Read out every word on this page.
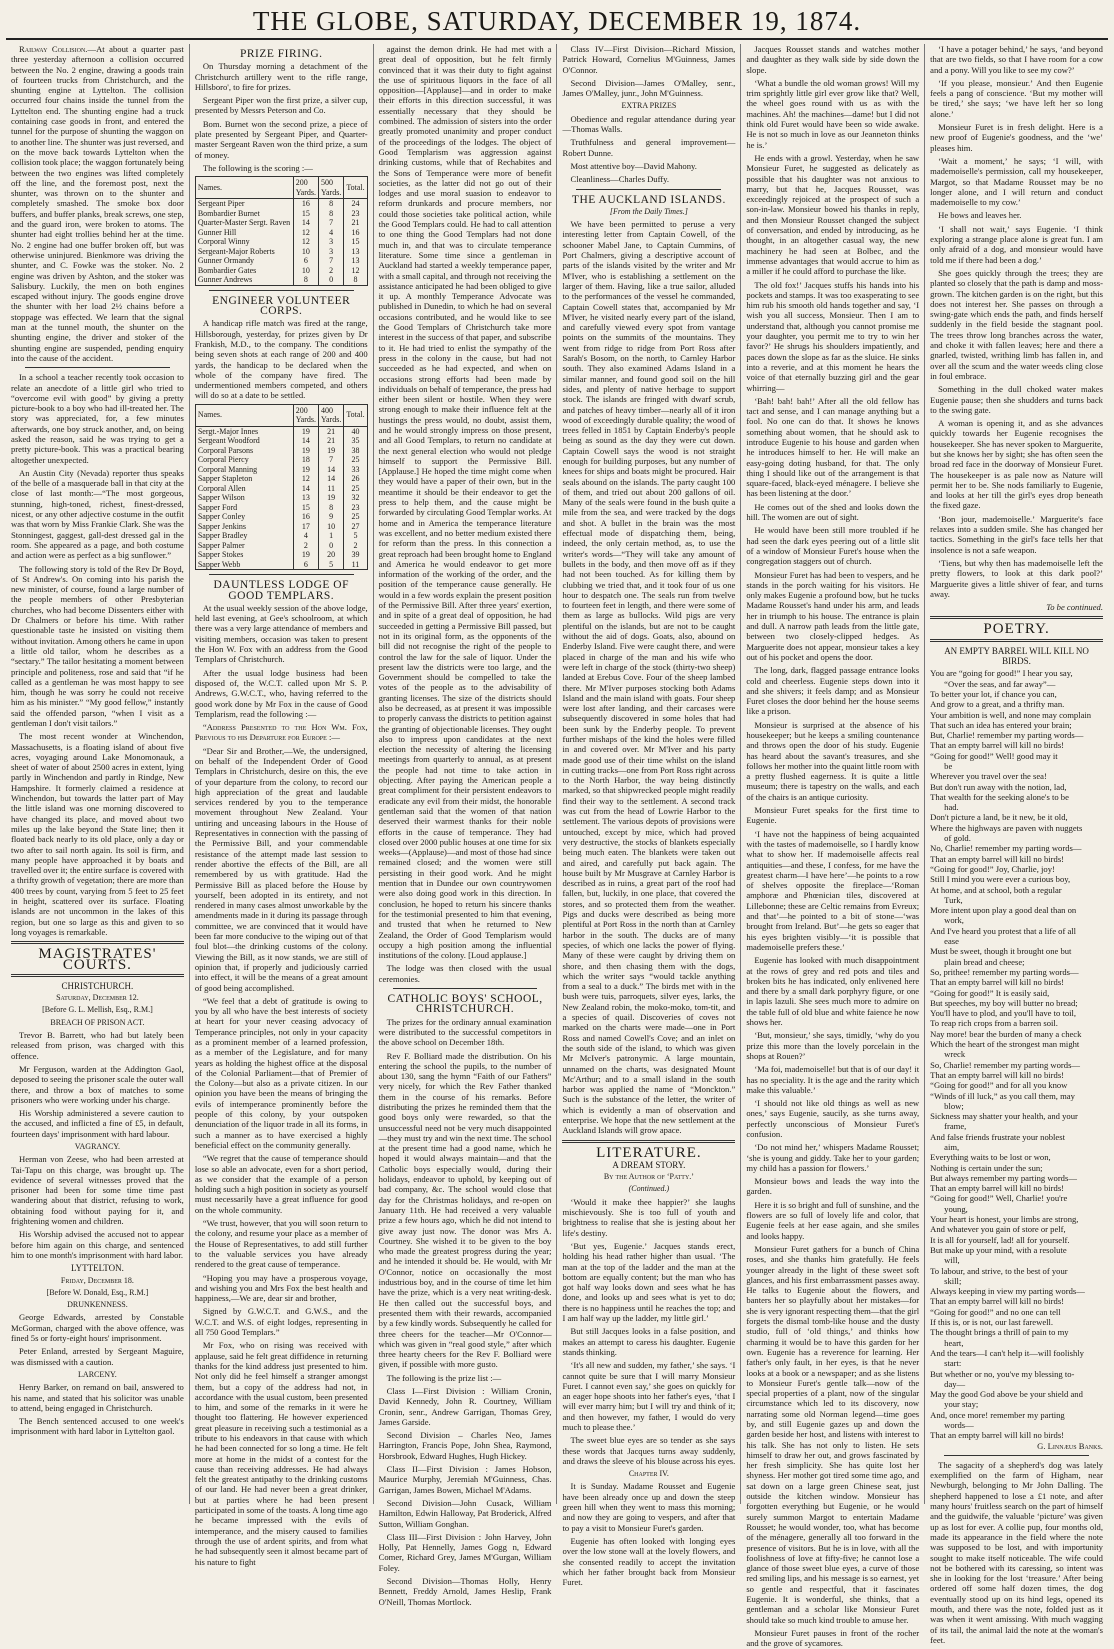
THE GLOBE, SATURDAY, DECEMBER 19, 1874.

Railway Collision.—At about a quarter past three yesterday afternoon a collision occurred between the No. 2 engine, drawing a goods train of fourteen trucks from Christchurch, and the shunting engine at Lyttelton. The collision occurred four chains inside the tunnel from the Lyttelton end. The shunting engine had a truck containing case goods in front, and entered the tunnel for the purpose of shunting the waggon on to another line. The shunter was just reversed, and on the move back towards Lyttelton when the collision took place; the waggon fortunately being between the two engines was lifted completely off the line, and the foremost post, next the shunter, was thrown on to the shunter and completely smashed. The smoke box door buffers, and buffer planks, break screws, one step, and the guard iron, were broken to atoms. The shunter had eight trollies behind her at the time. No. 2 engine had one buffer broken off, but was otherwise uninjured. Bienkmore was driving the shunter, and C. Fowke was the stoker. No. 2 engine was driven by Ashton, and the stoker was Salisbury. Luckily, the men on both engines escaped without injury. The goods engine drove the shunter with her load 2½ chains before a stoppage was effected. We learn that the signal man at the tunnel mouth, the shunter on the shunting engine, the driver and stoker of the shunting engine are suspended, pending enquiry into the cause of the accident.

In a school a teacher recently took occasion to relate an anecdote of a little girl who tried to “overcome evil with good” by giving a pretty picture-book to a boy who had ill-treated her. The story was appreciated, for, a few minutes afterwards, one boy struck another, and, on being asked the reason, said he was trying to get a pretty picture-book. This was a practical bearing altogether unexpected.

An Austin City (Nevada) reporter thus speaks of the belle of a masquerade ball in that city at the close of last month:—“The most gorgeous, stunning, high-toned, richest, finest-dressed, nicest, or any other adjective costume in the outfit was that worn by Miss Frankie Clark. She was the Stonningest, gaggest, gall-dest dressed gal in the room. She appeared as a page, and both costume and action were as perfect as a big sunflower.”

The following story is told of the Rev Dr Boyd, of St Andrew's. On coming into his parish the new minister, of course, found a large number of the people members of other Presbyterian churches, who had become Dissenters either with Dr Chalmers or before his time. With rather questionable taste he insisted on visiting them without invitation. Among others he came in upon a little old tailor, whom he describes as a “sectary.” The tailor hesitating a moment between principle and politeness, rose and said that “if he called as a gentleman he was most happy to see him, though he was sorry he could not receive him as his minister.” “My good fellow,” instantly said the offended parson, “when I visit as a gentleman I don't visit tailors.”

The most recent wonder at Winchendon, Massachusetts, is a floating island of about five acres, voyaging around Lake Monomonauk, a sheet of water of about 2500 acres in extent, lying partly in Winchendon and partly in Rindge, New Hampshire. It formerly claimed a residence at Winchendon, but towards the latter part of May the little island was one morning discovered to have changed its place, and moved about two miles up the lake beyond the State line; then it floated back nearly to its old place, only a day or two after to sail north again. Its soil is firm, and many people have approached it by boats and travelled over it; the entire surface is covered with a thrifty growth of vegetation; there are more than 400 trees by count, varying from 5 feet to 25 feet in height, scattered over its surface. Floating islands are not uncommon in the lakes of this region, but one so large as this and given to so long voyages is remarkable.

MAGISTRATES' COURTS.
CHRISTCHURCH.
Saturday, December 12.
[Before G. L. Mellish, Esq., R.M.]
BREACH OF PRISON ACT.

Trevor B. Barrett, who had but lately been released from prison, was charged with this offence.

Mr Ferguson, warden at the Addington Gaol, deposed to seeing the prisoner scale the outer wall there, and throw a box of matches to some prisoners who were working under his charge.

His Worship administered a severe caution to the accused, and inflicted a fine of £5, in default, fourteen days' imprisonment with hard labour.

VAGRANCY.

Herman von Zeese, who had been arrested at Tai-Tapu on this charge, was brought up. The evidence of several witnesses proved that the prisoner had been for some time time past wandering about that district, refusing to work, obtaining food without paying for it, and frightening women and children.

His Worship advised the accused not to appear before him again on this charge, and sentenced him to one month's imprisonment with hard labor.

LYTTELTON.
Friday, December 18.
[Before W. Donald, Esq., R.M.]
DRUNKENNESS.

George Edwards, arrested by Constable McGorman, charged with the above offence, was fined 5s or forty-eight hours' imprisonment.

Peter Enland, arrested by Sergeant Maguire, was dismissed with a caution.

LARCENY.

Henry Barker, on remand on bail, answered to his name, and stated that his solicitor was unable to attend, being engaged in Christchurch.

The Bench sentenced accused to one week's imprisonment with hard labor in Lyttelton gaol.

PRIZE FIRING.

On Thursday morning a detachment of the Christchurch artillery went to the rifle range, Hillsboro', to fire for prizes.

Sergeant Piper won the first prize, a silver cup, presented by Messrs Peterson and Co.

Bom. Burnet won the second prize, a piece of plate presented by Sergeant Piper, and Quarter-master Sergeant Raven won the third prize, a sum of money.

The following is the scoring :—

Names.	200 Yards.	500 Yards.	Total.
Sergeant Piper	16	8	24
Bombardier Burnet	15	8	23
Quarter-Master Sergt. Raven	14	7	21
Gunner Hill	12	4	16
Corporal Winny	12	3	15
Sergeant-Major Roberts	10	3	13
Gunner Ormandy	6	7	13
Bombardier Gates	10	2	12
Gunner Andrews	8	0	8
ENGINEER VOLUNTEER CORPS.

A handicap rifle match was fired at the range, Hillsborough, yesterday, for prizes given by Dr Frankish, M.D., to the company. The conditions being seven shots at each range of 200 and 400 yards, the handicap to be declared when the whole of the company have fired. The undermentioned members competed, and others will do so at a date to be settled.

Names.	200 Yards.	400 Yards.	Total.
Sergt.-Major Innes	19	21	40
Sergeant Woodford	14	21	35
Corporal Parsons	19	19	38
Corporal Piercy	18	7	25
Corporal Manning	19	14	33
Sapper Stapleton	12	14	26
Corporal Allen	14	11	25
Sapper Wilson	13	19	32
Sapper Ford	15	8	23
Sapper Conley	16	9	25
Sapper Jenkins	17	10	27
Sapper Bradley	4	1	5
Sapper Palmer	2	0	2
Sapper Stokes	19	20	39
Sapper Webb	6	5	11
DAUNTLESS LODGE OF GOOD TEMPLARS.

At the usual weekly session of the above lodge, held last evening, at Gee's schoolroom, at which there was a very large attendance of members and visiting members, occasion was taken to present the Hon W. Fox with an address from the Good Templars of Christchurch.

After the usual lodge business had been disposed of, the W.C.T. called upon Mr S. P. Andrews, G.W.C.T., who, having referred to the good work done by Mr Fox in the cause of Good Templarism, read the following :—

“Address Presented to the Hon Wm. Fox, Previous to his Departure for Europe :—

“Dear Sir and Brother,—We, the undersigned, on behalf of the Independent Order of Good Templars in Christchurch, desire on this, the eve of your departure from the colony, to record our high appreciation of the great and laudable services rendered by you to the temperance movement throughout New Zealand. Your untiring and unceasing labours in the House of Representatives in connection with the passing of the Permissive Bill, and your commendable resistance of the attempt made last session to render abortive the effects of the Bill, are all remembered by us with gratitude. Had the Permissive Bill as placed before the House by yourself, been adopted in its entirety, and not rendered in many cases almost unworkable by the amendments made in it during its passage through committee, we are convinced that it would have been far more conducive to the wiping out of that foul blot—the drinking customs of the colony. Viewing the Bill, as it now stands, we are still of opinion that, if properly and judiciously carried into effect, it will be the means of a great amount of good being accomplished.

“We feel that a debt of gratitude is owing to you by all who have the best interests of society at heart for your never ceasing advocacy of Temperance principles, not only in your capacity as a prominent member of a learned profession, as a member of the Legislature, and for many years as holding the highest office at the disposal of the Colonial Parliament—that of Premier of the Colony—but also as a private citizen. In our opinion you have been the means of bringing the evils of intemperance prominently before the people of this colony, by your outspoken denunciation of the liquor trade in all its forms, in such a manner as to have exercised a highly beneficial effect on the community generally.

“We regret that the cause of temperance should lose so able an advocate, even for a short period, as we consider that the example of a person holding such a high position in society as yourself must necessarily have a great influence for good on the whole community.

“We trust, however, that you will soon return to the colony, and resume your place as a member of the House of Representatives, to add still further to the valuable services you have already rendered to the great cause of temperance.

“Hoping you may have a prosperous voyage, and wishing you and Mrs Fox the best health and happiness,—We are, dear sir and brother,

Signed by G.W.C.T. and G.W.S., and the W.C.T. and W.S. of eight lodges, representing in all 750 Good Templars.”

Mr Fox, who on rising was received with applause, said he felt great diffidence in returning thanks for the kind address just presented to him. Not only did he feel himself a stranger amongst them, but a copy of the address had not, in accordance with the usual custom, been presented to him, and some of the remarks in it were he thought too flattering. He however experienced great pleasure in receiving such a testimonial as a tribute to his endeavors in that cause with which he had been connected for so long a time. He felt more at home in the midst of a contest for the cause than receiving addresses. He had always felt the greatest antipathy to the drinking customs of our land. He had never been a great drinker, but at parties where he had been present participated in some of the toasts. A long time ago he became impressed with the evils of intemperance, and the misery caused to families through the use of ardent spirits, and from what he had subsequently seen it almost became part of his nature to fight

against the demon drink. He had met with a great deal of opposition, but he felt firmly convinced that it was their duty to fight against the use of spirituous liquors in the face of all opposition—[Applause]—and in order to make their efforts in this direction successful, it was essentially necessary that they should be combined. The admission of sisters into the order greatly promoted unanimity and proper conduct of the proceedings of the lodges. The object of Good Templarism was aggression against drinking customs, while that of Rechabites and the Sons of Temperance were more of benefit societies, as the latter did not go out of their lodges and use moral suasion to endeavor to reform drunkards and procure members, nor could those societies take political action, while the Good Templars could. He had to call attention to one thing the Good Templars had not done much in, and that was to circulate temperance literature. Some time since a gentleman in Auckland had started a weekly temperance paper, with a small capital, and through not receiving the assistance anticipated he had been obliged to give it up. A monthly Temperance Advocate was published in Dunedin, to which he had on several occasions contributed, and he would like to see the Good Templars of Christchurch take more interest in the success of that paper, and subscribe to it. He had tried to enlist the sympathy of the press in the colony in the cause, but had not succeeded as he had expected, and when on occasions strong efforts had been made by individuals on behalf of temperance, the press had either been silent or hostile. When they were strong enough to make their influence felt at the hustings the press would, no doubt, assist them, and he would strongly impress on those present, and all Good Templars, to return no candidate at the next general election who would not pledge himself to support the Permissive Bill. [Applause.] He hoped the time might come when they would have a paper of their own, but in the meantime it should be their endeavor to get the press to help them, and the cause might be forwarded by circulating Good Templar works. At home and in America the temperance literature was excellent, and no better medium existed there for reform than the press. In this connection a great reproach had been brought home to England and America he would endeavor to get more information of the working of the order, and the position of the temperance cause generally. He would in a few words explain the present position of the Permissive Bill. After three years' exertion, and in spite of a great deal of opposition, he had succeeded in getting a Permissive Bill passed, but not in its original form, as the opponents of the bill did not recognise the right of the people to control the law for the sale of liquor. Under the present law the districts were too large, and the Government should be compelled to take the votes of the people as to the advisability of granting licenses. The size of the districts should also be decreased, as at present it was impossible to properly canvass the districts to petition against the granting of objectionable licenses. They ought also to impress upon candidates at the next election the necessity of altering the licensing meetings from quarterly to annual, as at present the people had not time to take action in objecting. After paying the American people a great compliment for their persistent endeavors to eradicate any evil from their midst, the honorable gentleman said that the women of that nation deserved their warmest thanks for their noble efforts in the cause of temperance. They had closed over 2000 public houses at one time for six weeks—(Applause)—and most of those had since remained closed; and the women were still persisting in their good work. And he might mention that in Dundee our own countrywomen were also doing good work in this direction. In conclusion, he hoped to return his sincere thanks for the testimonial presented to him that evening, and trusted that when he returned to New Zealand, the Order of Good Templarism would occupy a high position among the influential institutions of the colony. [Loud applause.]

The lodge was then closed with the usual ceremonies.

CATHOLIC BOYS' SCHOOL, CHRISTCHURCH.

The prizes for the ordinary annual examination were distributed to the successful competitors in the above school on December 18th.

Rev F. Bolliard made the distribution. On his entering the school the pupils, to the number of about 130, sang the hymn “Faith of our Fathers” very nicely, for which the Rev Father thanked them in the course of his remarks. Before distributing the prizes he reminded them that the good boys only were rewarded, so that the unsuccessful need not be very much disappointed—they must try and win the next time. The school at the present time had a good name, which he hoped it would always maintain—and that the Catholic boys especially would, during their holidays, endeavor to uphold, by keeping out of bad company, &c. The school would close that day for the Christmas holidays, and re-open on January 11th. He had received a very valuable prize a few hours ago, which he did not intend to give away just now. The donor was Mrs A. Courtney. She wished it to be given to the boy who made the greatest progress during the year; and he intended it should be. He would, with Mr O'Connor, notice on occasionally the most industrious boy, and in the course of time let him have the prize, which is a very neat writing-desk. He then called out the successful boys, and presented them with their rewards, accompanied by a few kindly words. Subsequently he called for three cheers for the teacher—Mr O'Connor—which was given in “real good style,” after which three hearty cheers for the Rev F. Bolliard were given, if possible with more gusto.

The following is the prize list :—

Class I—First Division : William Cronin, David Kennedy, John R. Courtney, William Cronin, senr., Andrew Garrigan, Thomas Grey, James Garside.

Second Division – Charles Neo, James Harrington, Francis Pope, John Shea, Raymond, Horsbrook, Edward Hughes, Hugh Hickey.

Class II—First Division : James Hobson, Maurice Murphy, Jeremiah M'Guinness, Chas. Garrigan, James Bowen, Michael M'Adams.

Second Division—John Cusack, William Hamilton, Edwin Halloway, Pat Broderick, Alfred Sutton, William Gonghan.

Class III—First Division : John Harvey, John Holly, Pat Hennelly, James Gogg n, Edward Comer, Richard Grey, James M'Gurgan, William Foley.

Second Division—Thomas Holly, Henry Bennett, Freddy Arnold, James Heslip, Frank O'Neill, Thomas Mortlock.

Class IV—First Division—Richard Mission, Patrick Howard, Cornelius M'Guinness, James O'Connor.

Second Division—James O'Malley, senr., James O'Malley, junr., John M'Guinness.

EXTRA PRIZES

Obedience and regular attendance during year—Thomas Walls.

Truthfulness and general improvement—Robert Dunne.

Most attentive boy—David Mahony.

Cleanliness—Charles Duffy.

THE AUCKLAND ISLANDS.
[From the Daily Times.]

We have been permitted to peruse a very interesting letter from Captain Cowell, of the schooner Mabel Jane, to Captain Cummins, of Port Chalmers, giving a descriptive account of parts of the islands visited by the writer and Mr M'Iver, who is establishing a settlement on the larger of them. Having, like a true sailor, alluded to the performances of the vessel he commanded, Captain Cowell states that, accompanied by Mr M'Iver, he visited nearly every part of the island, and carefully viewed every spot from vantage points on the summits of the mountains. They went from ridge to ridge from Port Ross after Sarah's Bosom, on the north, to Carnley Harbor south. They also examined Adams Island in a similar manner, and found good soil on the hill sides, and plenty of native herbage to support stock. The islands are fringed with dwarf scrub, and patches of heavy timber—nearly all of it iron wood of exceedingly durable quality; the wood of trees felled in 1851 by Captain Enderby's people being as sound as the day they were cut down. Captain Cowell says the wood is not straight enough for building purposes, but any number of knees for ships and boats might be procured. Hair seals abound on the islands. The party caught 100 of them, and tried out about 200 gallons of oil. Many of the seals were found in the bush quite a mile from the sea, and were tracked by the dogs and shot. A bullet in the brain was the most effectual mode of dispatching them, being, indeed, the only certain method, as, to use the writer's words—“They will take any amount of bullets in the body, and then move off as if they had not been touched. As for killing them by clubbing we tried that, and it took four of us one hour to despatch one. The seals run from twelve to fourteen feet in length, and there were some of them as large as bullocks. Wild pigs are very plentiful on the islands, but are not to be caught without the aid of dogs. Goats, also, abound on Enderby Island. Five were caught there, and were placed in charge of the man and his wife who were left in charge of the stock (thirty-two sheep) landed at Erebus Cove. Four of the sheep lambed there. Mr M'Iver purposes stocking both Adams Island and the main island with goats. Four sheep were lost after landing, and their carcases were subsequently discovered in some holes that had been sunk by the Enderby people. To prevent further mishaps of the kind the holes were filled in and covered over. Mr M'Iver and his party made good use of their time whilst on the island in cutting tracks—one from Port Ross right across to the North Harbor, the way being distinctly marked, so that shipwrecked people might readily find their way to the settlement. A second track was cut from the head of Lowrie Harbor to the settlement. The various depots of provisions were untouched, except by mice, which had proved very destructive, the stocks of blankets especially being much eaten. The blankets were taken out and aired, and carefully put back again. The house built by Mr Musgrave at Carnley Harbor is described as in ruins, a great part of the roof had fallen, but, luckily, in one place, that covered the stores, and so protected them from the weather. Pigs and ducks were described as being more plentiful at Port Ross in the north than at Carnley harbor in the south. The ducks are of many species, of which one lacks the power of flying. Many of these were caught by driving them on shore, and then chasing them with the dogs, which the writer says “would tackle anything from a seal to a duck.” The birds met with in the bush were tuis, parroquets, silver eyes, larks, the New Zealand robin, the moko-moko, tom-tit, and a species of quail. Discoveries of coves not marked on the charts were made—one in Port Ross and named Cowell's Cove; and an inlet on the south side of the island, to which was given Mr McIver's patronymic. A large mountain, unnamed on the charts, was designated Mount Mc'Arthur; and to a small island in the south harbor was applied the name of “Monckton.” Such is the substance of the letter, the writer of which is evidently a man of observation and enterprise. We hope that the new settlement at the Auckland Islands will grow apace.

LITERATURE.
A DREAM STORY.
By the Author of ‘Patty.’
(Continued.)

‘Would it make thee happier?’ she laughs mischievously. She is too full of youth and brightness to realise that she is jesting about her life's destiny.

‘But yes, Eugenie.’ Jacques stands erect, holding his head rather higher than usual. ‘The man at the top of the ladder and the man at the bottom are equally content; but the man who has got half way looks down and sees what he has done, and looks up and sees what is yet to do; there is no happiness until he reaches the top; and I am half way up the ladder, my little girl.’

But still Jacques looks in a false position, and makes an attempt to caress his daughter. Eugenie stands thinking.

‘It's all new and sudden, my father,’ she says. ‘I cannot quite be sure that I will marry Monsieur Furet. I cannot even say,’ she goes on quickly for an eager hope shoots into her father's eyes, ‘that I will ever marry him; but I will try and think of it; and then however, my father, I would do very much to please thee.’

The sweet blue eyes are so tender as she says these words that Jacques turns away suddenly, and draws the sleeve of his blouse across his eyes.

Chapter IV.

It is Sunday. Madame Rousset and Eugenie have been already once up and down the steep green hill when they went to mass this morning; and now they are going to vespers, and after that to pay a visit to Monsieur Furet's garden.

Eugenie has often looked with longing eyes over the low stone wall at the lovely flowers, and she consented readily to accept the invitation which her father brought back from Monsieur Furet.

Jacques Rousset stands and watches mother and daughter as they walk side by side down the slope.

‘What a bundle the old woman grows! Will my trim sprightly little girl ever grow like that? Well, the wheel goes round with us as with the machines. Ah! the machines—dame! but I did not think old Furet would have been so wide awake. He is not so much in love as our Jeanneton thinks he is.’

He ends with a growl. Yesterday, when he saw Monsieur Furet, he suggested as delicately as possible that his daughter was not anxious to marry, but that he, Jacques Rousset, was exceedingly rejoiced at the prospect of such a son-in-law. Monsieur bowed his thanks in reply, and then Monsieur Rousset changed the subject of conversation, and ended by introducing, as he thought, in an altogether casual way, the new machinery he had seen at Bolbec, and the immense advantages that would accrue to him as a miller if he could afford to purchase the like.

The old fox!’ Jacques stuffs his hands into his pockets and stamps. It was too exasperating to see him rub his smooth old hands together and say, ‘I wish you all success, Monsieur. Then I am to understand that, although you cannot promise me your daughter, you permit me to try to win her favor?’ He shrugs his shoulders impatiently, and paces down the slope as far as the sluice. He sinks into a reverie, and at this moment he hears the voice of that eternally buzzing girl and the gear whirring—

‘Bah! bah! bah!’ After all the old fellow has tact and sense, and I can manage anything but a fool. No one can do that. It shows he knows something about women, that he should ask to introduce Eugenie to his house and garden when he introduces himself to her. He will make an easy-going doting husband, for that. The only thing I should like out of the arrangement is that square-faced, black-eyed ménagere. I believe she has been listening at the door.’

He comes out of the shed and looks down the hill. The women are out of sight.

He would have been still more troubled if he had seen the dark eyes peering out of a little slit of a window of Monsieur Furet's house when the congregation staggers out of church.

Monsieur Furet has had been to vespers, and he stands in the porch waiting for his visitors. He only makes Eugenie a profound bow, but he tucks Madame Rousset's hand under his arm, and leads her in triumph to his house. The entrance is plain and dull. A narrow path leads from the little gate, between two closely-clipped hedges. As Marguerite does not appear, monsieur takes a key out of his pocket and opens the door.

The long, dark, flagged passage entrance looks cold and cheerless. Eugenie steps down into it and she shivers; it feels damp; and as Monsieur Furet closes the door behind her the house seems like a prison.

Monsieur is surprised at the absence of his housekeeper; but he keeps a smiling countenance and throws open the door of his study. Eugenie has heard about the savant's treasures, and she follows her mother into the quaint little room with a pretty flushed eagerness. It is quite a little museum; there is tapestry on the walls, and each of the chairs is an antique curiosity.

Monsieur Furet speaks for the first time to Eugenie.

‘I have not the happiness of being acquainted with the tastes of mademoiselle, so I hardly know what to show her. If mademoiselle affects real antiquities—and these, I confess, for me have the greatest charm—I have here’—he points to a row of shelves opposite the fireplace—‘Roman amphoræ and Phœnician tiles, discovered at Lillebonne; these are Celtic remains from Evreux; and that’—he pointed to a bit of stone—‘was brought from Ireland. But’—he gets so eager that his eyes brighten visibly—‘it is possible that mademoiselle prefers these.’

Eugenie has looked with much disappointment at the rows of grey and red pots and tiles and broken bits he has indicated, only enlivened here and there by a small dark porphyry figure, or one in lapis lazuli. She sees much more to admire on the table full of old blue and white faience he now shows her.

‘But, monsieur,’ she says, timidly, ‘why do you prize this more than the lovely porcelain in the shops at Rouen?’

‘Ma foi, mademoiselle! but that is of our day! it has no speciality. It is the age and the rarity which make this valuable.’

‘I should not like old things as well as new ones,’ says Eugenie, saucily, as she turns away, perfectly unconscious of Monsieur Furet's confusion.

‘Do not mind her,’ whispers Madame Rousset; ‘she is young and giddy. Take her to your garden; my child has a passion for flowers.’

Monsieur bows and leads the way into the garden.

Here it is so bright and full of sunshine, and the flowers are so full of lovely life and color, that Eugenie feels at her ease again, and she smiles and looks happy.

Monsieur Furet gathers for a bunch of China roses, and she thanks him gratefully. He feels younger already in the light of these sweet soft glances, and his first embarrassment passes away. He talks to Eugenie about the flowers, and banters her so playfully about her mistakes—for she is very ignorant respecting them—that the girl forgets the dismal tomb-like house and the dusty studio, full of ‘old things,’ and thinks how charming it would be to have this garden for her own. Eugenie has a reverence for learning. Her father's only fault, in her eyes, is that he never looks at a book or a newspaper; and as she listens to Monsieur Furet's gentle talk—now of the special properties of a plant, now of the singular circumstance which led to its discovery, now narrating some old Norman legend—time goes by, and still Eugenie gazes up and down the garden beside her host, and listens with interest to his talk. She has not only to listen. He sets himself to draw her out, and grows fascinated by her fresh simplicity. She has quite lost her shyness. Her mother got tired some time ago, and sat down on a large green Chinese seat, just outside the kitchen window. Monsieur has forgotten everything but Eugenie, or he would surely summon Margot to entertain Madame Rousset; he would wonder, too, what has become of the ménagere, generally all too forward in the presence of visitors. But he is in love, with all the foolishness of love at fifty-five; he cannot lose a glance of those sweet blue eyes, a curve of those red smiling lips, and his message is so earnest, yet so gentle and respectful, that it fascinates Eugenie. It is wonderful, she thinks, that a gentleman and a scholar like Monsieur Furet should take so much kind trouble to amuse her.

Monsieur Furet pauses in front of the rocher and the grove of sycamores.

‘I have a potager behind,’ he says, ‘and beyond that are two fields, so that I have room for a cow and a pony. Will you like to see my cow?’

‘If you please, monsieur.’ And then Eugenie feels a pang of conscience. ‘But my mother will be tired,’ she says; ‘we have left her so long alone.’

Monsieur Furet is in fresh delight. Here is a new proof of Eugenie's goodness, and the ‘we’ pleases him.

‘Wait a moment,’ he says; ‘I will, with mademoiselle's permission, call my housekeeper, Margot, so that Madame Rousset may be no longer alone, and I will return and conduct mademoiselle to my cow.’

He bows and leaves her.

‘I shall not wait,’ says Eugenie. ‘I think exploring a strange place alone is great fun. I am only afraid of a dog, and monsieur would have told me if there had been a dog.’

She goes quickly through the trees; they are planted so closely that the path is damp and moss-grown. The kitchen garden is on the right, but this does not interest her. She passes on through a swing-gate which ends the path, and finds herself suddenly in the field beside the stagnant pool. The trees throw long branches across the water, and choke it with fallen leaves; here and there a gnarled, twisted, writhing limb has fallen in, and over all the scum and the water weeds cling close in foul embrace.

Something in the dull choked water makes Eugenie pause; then she shudders and turns back to the swing gate.

A woman is opening it, and as she advances quickly towards her Eugenie recognises the housekeeper. She has never spoken to Marguerite, but she knows her by sight; she has often seen the broad red face in the doorway of Monsieur Furet. The housekeeper is as pale now as Nature will permit her to be. She nods familiarly to Eugenie, and looks at her till the girl's eyes drop beneath the fixed gaze.

‘Bon jour, mademoiselle.’ Marguerite's face relaxes into a sudden smile. She has changed her tactics. Something in the girl's face tells her that insolence is not a safe weapon.

‘Tiens, but why then has mademoiselle left the pretty flowers, to look at this dark pool?’ Marguerite gives a little shiver of fear, and turns away.

To be continued.

POETRY.
AN EMPTY BARREL WILL KILL NO BIRDS.
You are “going for good!” I hear you say,
“Over the seas, and far away”—
To better your lot, if chance you can,
And grow to a great, and a thrifty man.
Your ambition is well, and none may complain
That such an idea has entered your brain;
But, Charlie! remember my parting words—
That an empty barrel will kill no birds!
“Going for good!” Well! good may it
be
Wherever you travel over the sea!
But don't run away with the notion, lad,
That wealth for the seeking alone's to be
had.
Don't picture a land, be it new, be it old,
Where the highways are paven with nuggets
of gold.
No, Charlie! remember my parting words—
That an empty barrel will kill no birds!
“Going for good!” Joy, Charlie, joy!
Still I mind you were ever a curious boy,
At home, and at school, both a regular
Turk,
More intent upon play a good deal than on
work,
And I've heard you protest that a life of all
ease
Must be sweet, though it brought one but
plain bread and cheese;
So, prithee! remember my parting words—
That an empty barrel will kill no birds!
“Going for good!” It is easily said,
But speeches, my boy will butter no bread;
You'll have to plod, and you'll have to toil,
To reap rich crops from a barren soil.
Nay more! bear the burden of many a check
Which the heart of the strongest man might
wreck
So, Charlie! remember my parting words—
That an empty barrel will kill no birds!
“Going for good!” and for all you know
“Winds of ill luck,” as you call them, may
blow;
Sickness may shatter your health, and your
frame,
And false friends frustrate your noblest
aim,
Everything waits to be lost or won,
Nothing is certain under the sun;
But always remember my parting words—
That an empty barrel will kill no birds!
“Going for good!” Well, Charlie! you're
young,
Your heart is honest, your limbs are strong,
And whatever you gain of store or pelf,
It is all for yourself, lad! all for yourself.
But make up your mind, with a resolute
will,
To labour, and strive, to the best of your
skill;
Always keeping in view my parting words—
That an empty barrel will kill no birds!
“Going for good!” and no one can tell
If this is, or is not, our last farewell.
The thought brings a thrill of pain to my
heart,
And the tears—I can't help it—will foolishly
start:
But whether or no, you've my blessing to-
day—
May the good God above be your shield and
your stay;
And, once more! remember my parting
words—
That an empty barrel will kill no birds!

G. Linnæus Banks.

The sagacity of a shepherd's dog was lately exemplified on the farm of Higham, near Newburgh, belonging to Mr John Dalling. The shepherd happened to lose a £1 note, and after many hours' fruitless search on the part of himself and the guidwife, the valuable ‘picture’ was given up as lost for ever. A collie pup, four months old, made its appearance in the field where the note was supposed to be lost, and with importunity sought to make itself noticeable. The wife could not be bothered with its caressing, so intent was she in looking for the lost ‘treasure.’ After being ordered off some half dozen times, the dog eventually stood up on its hind legs, opened its mouth, and there was the note, folded just as it was when it went amissing. With much wagging of its tail, the animal laid the note at the woman's feet.
